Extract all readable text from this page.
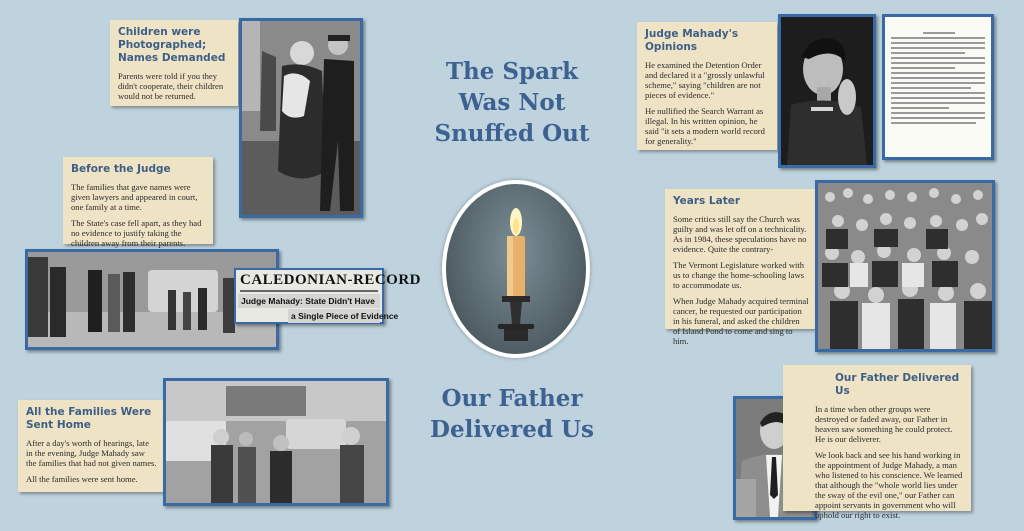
Children were
Photographed;
Names Demanded

Parents were told if you they didn't cooperate, their children would not be returned.

Before the Judge

The families that gave names were given lawyers and appeared in court, one family at a time.

The State's case fell apart, as they had no evidence to justify taking the children away from their parents.

CALEDONIAN-RECORD
Judge Mahady: State Didn't Have
a Single Piece of Evidence
All the Families Were
Sent Home

After a day's worth of hearings, late in the evening, Judge Mahady saw the families that had not given names.

All the families were sent home.

The Spark
Was Not
Snuffed Out
Our Father
Delivered Us
Judge Mahady's
Opinions

He examined the Detention Order and declared it a "grossly unlawful scheme," saying "children are not pieces of evidence."

He nullified the Search Warrant as illegal. In his written opinion, he said "it sets a modern world record for generality."

Years Later

Some critics still say the Church was guilty and was let off on a technicality. As in 1984, these speculations have no evidence. Quite the contrary-

The Vermont Legislature worked with us to change the home-schooling laws to accommodate us.

When Judge Mahady acquired terminal cancer, he requested our participation in his funeral, and asked the children of Island Pond to come and sing to him.

Our Father Delivered Us

In a time when other groups were destroyed or faded away, our Father in heaven saw something he could protect. He is our deliverer.

We look back and see his hand working in the appointment of Judge Mahady, a man who listened to his conscience. We learned that although the "whole world lies under the sway of the evil one," our Father can appoint servants in government who will uphold our right to exist.
